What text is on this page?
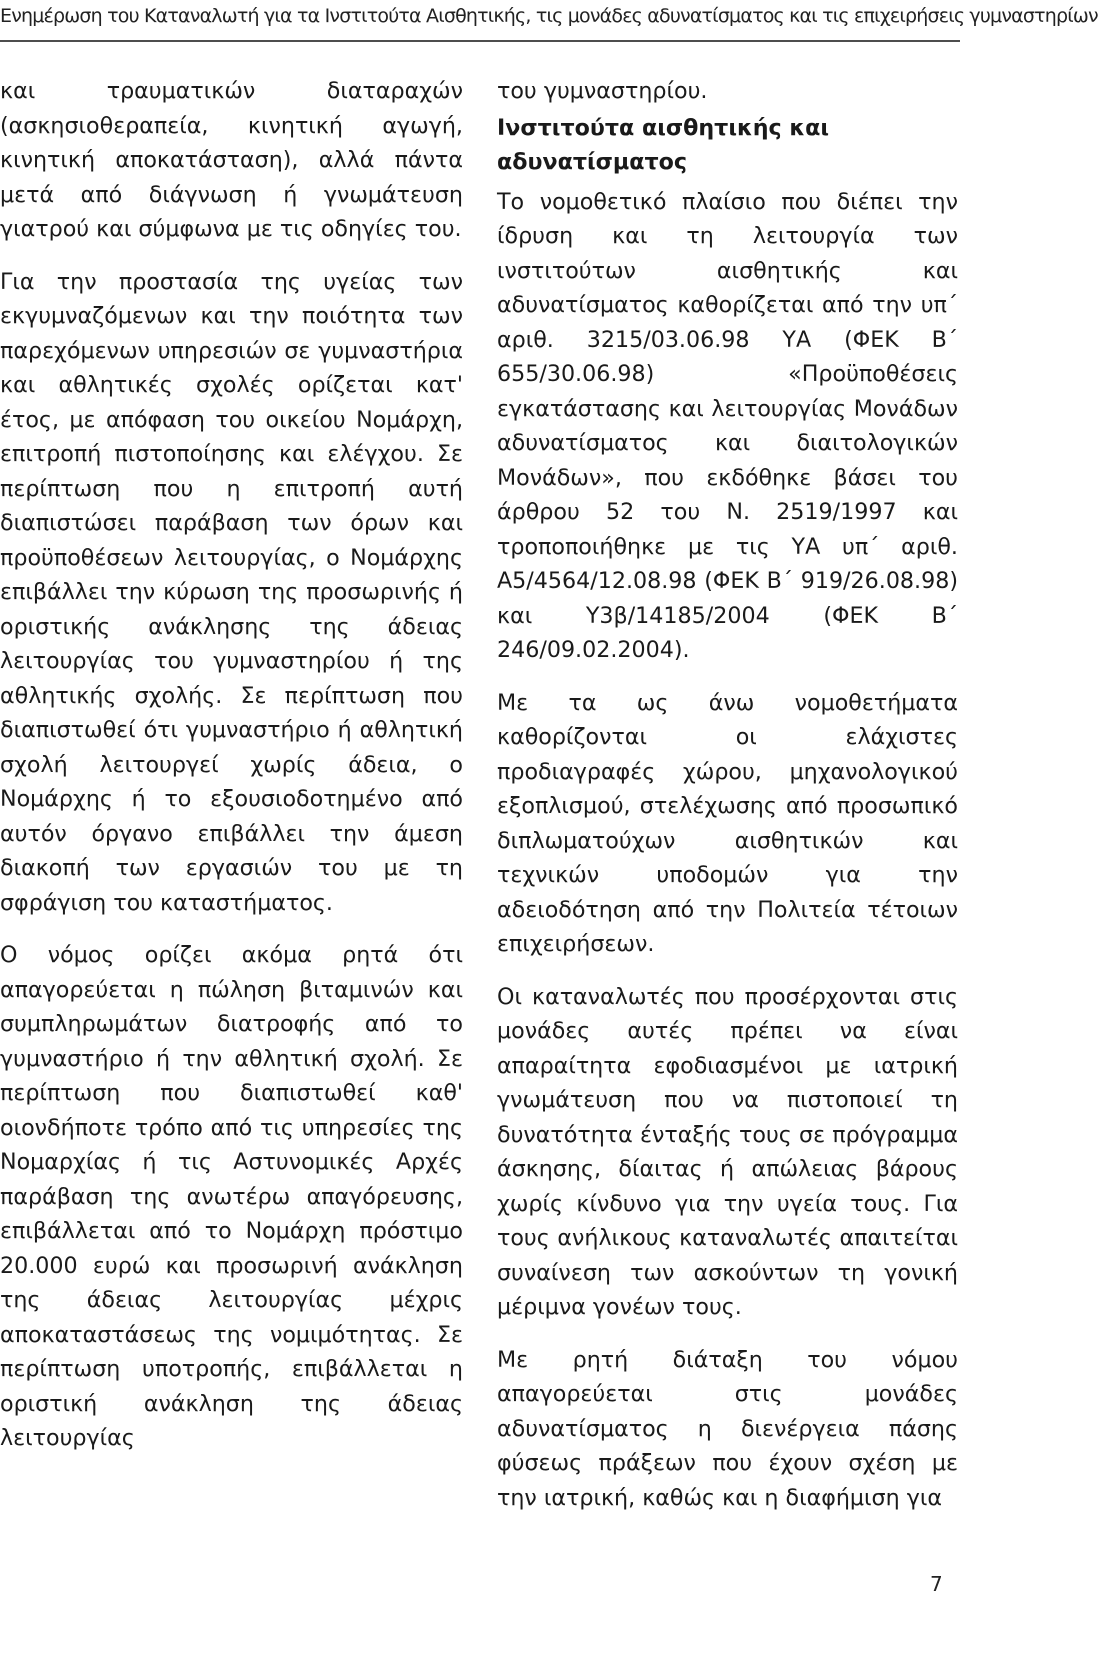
Ενημέρωση του Καταναλωτή για τα Ινστιτούτα Αισθητικής, τις μονάδες αδυνατίσματος και τις επιχειρήσεις γυμναστηρίων

και τραυματικών διαταραχών (ασκησιοθεραπεία, κινητική αγωγή, κινητική αποκατάσταση), αλλά πάντα μετά από διάγνωση ή γνωμάτευση γιατρού και σύμφωνα με τις οδηγίες του.

Για την προστασία της υγείας των εκγυμναζόμενων και την ποιότητα των παρεχόμενων υπηρεσιών σε γυμναστήρια και αθλητικές σχολές ορίζεται κατ' έτος, με απόφαση του οικείου Νομάρχη, επιτροπή πιστοποίησης και ελέγχου. Σε περίπτωση που η επιτροπή αυτή διαπιστώσει παράβαση των όρων και προϋποθέσεων λειτουργίας, ο Νομάρχης επιβάλλει την κύρωση της προσωρινής ή οριστικής ανάκλησης της άδειας λειτουργίας του γυμναστηρίου ή της αθλητικής σχολής. Σε περίπτωση που διαπιστωθεί ότι γυμναστήριο ή αθλητική σχολή λειτουργεί χωρίς άδεια, ο Νομάρχης ή το εξουσιοδοτημένο από αυτόν όργανο επιβάλλει την άμεση διακοπή των εργασιών του με τη σφράγιση του καταστήματος.

Ο νόμος ορίζει ακόμα ρητά ότι απαγορεύεται η πώληση βιταμινών και συμπληρωμάτων διατροφής από το γυμναστήριο ή την αθλητική σχολή. Σε περίπτωση που διαπιστωθεί καθ' οιονδήποτε τρόπο από τις υπηρεσίες της Νομαρχίας ή τις Αστυνομικές Αρχές παράβαση της ανωτέρω απαγόρευσης, επιβάλλεται από το Νομάρχη πρόστιμο 20.000 ευρώ και προσωρινή ανάκληση της άδειας λειτουργίας μέχρις αποκαταστάσεως της νομιμότητας. Σε περίπτωση υποτροπής, επιβάλλεται η οριστική ανάκληση της άδειας λειτουργίας

του γυμναστηρίου.

Ινστιτούτα αισθητικής και αδυνατίσματος

Το νομοθετικό πλαίσιο που διέπει την ίδρυση και τη λειτουργία των ινστιτούτων αισθητικής και αδυνατίσματος καθορίζεται από την υπ΄ αριθ. 3215/03.06.98 ΥΑ (ΦΕΚ Β΄ 655/30.06.98) «Προϋποθέσεις εγκατάστασης και λειτουργίας Μονάδων αδυνατίσματος και διαιτολογικών Μονάδων», που εκδόθηκε βάσει του άρθρου 52 του Ν. 2519/1997 και τροποποιήθηκε με τις ΥΑ υπ΄ αριθ. Α5/4564/12.08.98 (ΦΕΚ Β΄ 919/26.08.98) και Υ3β/14185/2004 (ΦΕΚ Β΄ 246/09.02.2004).

Με τα ως άνω νομοθετήματα καθορίζονται οι ελάχιστες προδιαγραφές χώρου, μηχανολογικού εξοπλισμού, στελέχωσης από προσωπικό διπλωματούχων αισθητικών και τεχνικών υποδομών για την αδειοδότηση από την Πολιτεία τέτοιων επιχειρήσεων.

Οι καταναλωτές που προσέρχονται στις μονάδες αυτές πρέπει να είναι απαραίτητα εφοδιασμένοι με ιατρική γνωμάτευση που να πιστοποιεί τη δυνατότητα ένταξής τους σε πρόγραμμα άσκησης, δίαιτας ή απώλειας βάρους χωρίς κίνδυνο για την υγεία τους. Για τους ανήλικους καταναλωτές απαιτείται συναίνεση των ασκούντων τη γονική μέριμνα γονέων τους.

Με ρητή διάταξη του νόμου απαγορεύεται στις μονάδες αδυνατίσματος η διενέργεια πάσης φύσεως πράξεων που έχουν σχέση με την ιατρική, καθώς και η διαφήμιση για

7
